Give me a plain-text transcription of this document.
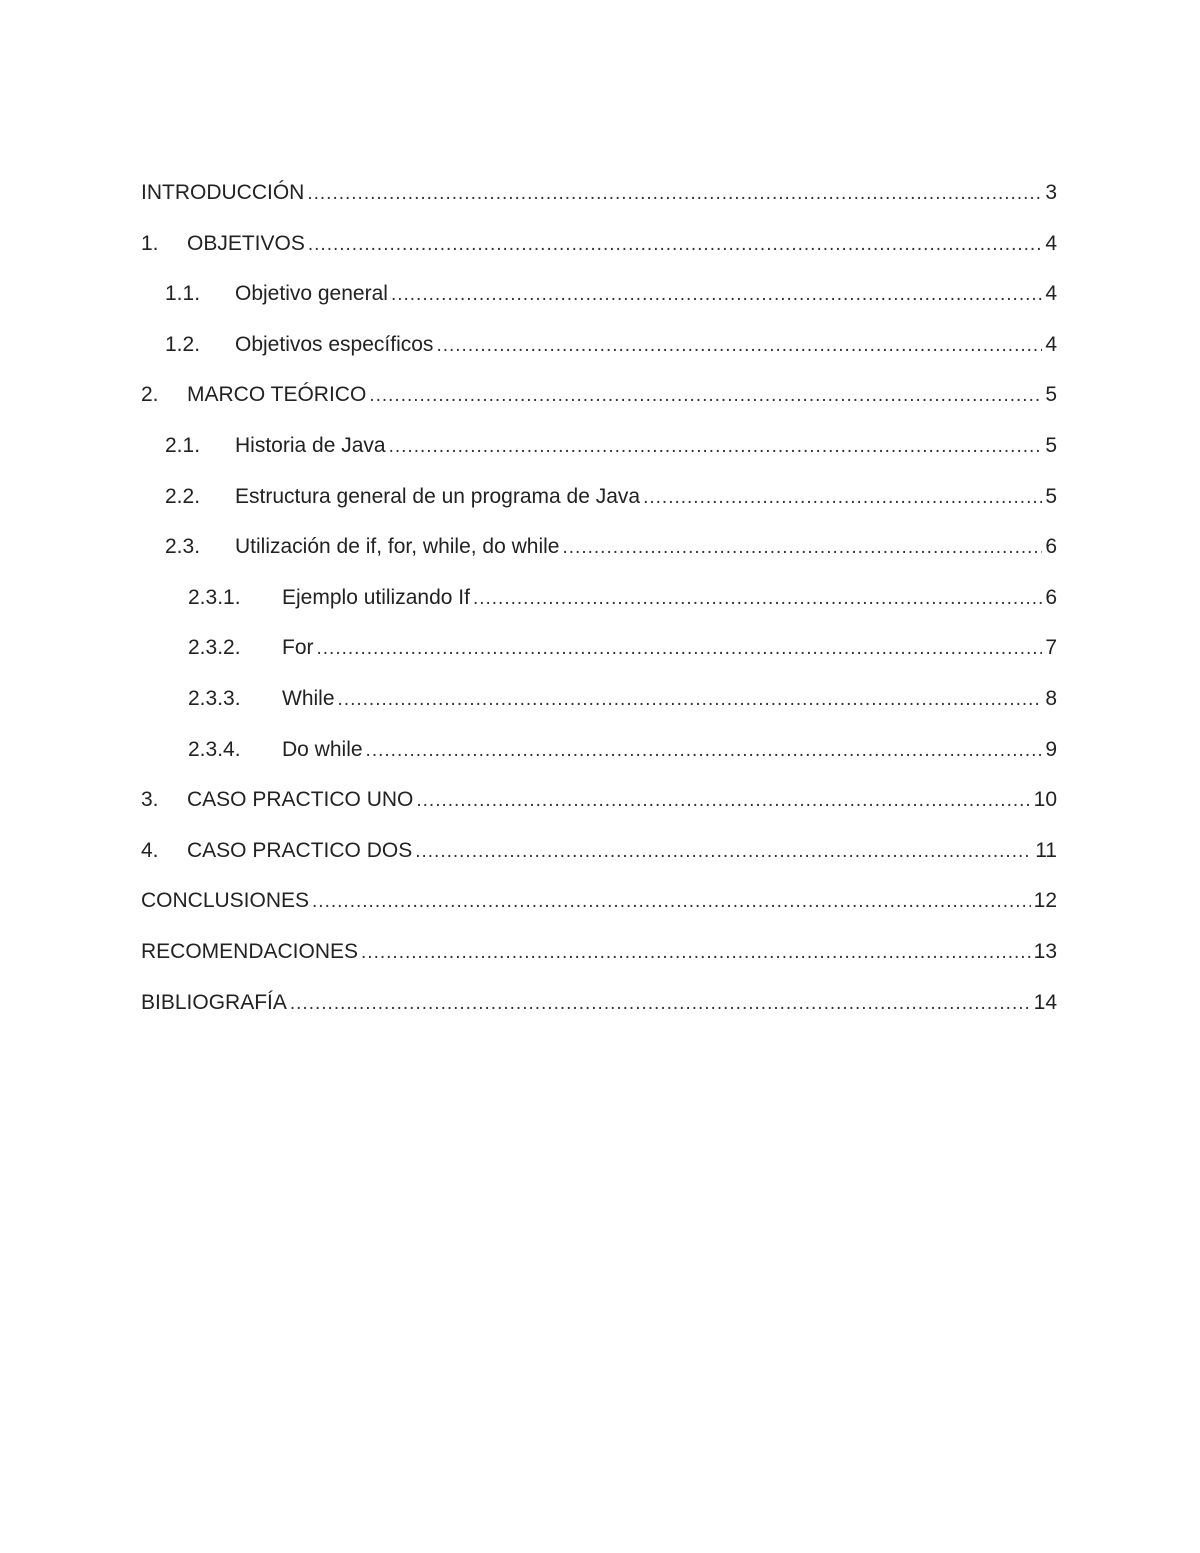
INTRODUCCIÓN .....	3
1.	OBJETIVOS .....	4
1.1.	Objetivo general .....	4
1.2.	Objetivos específicos .....	4
2.	MARCO TEÓRICO .....	5
2.1.	Historia de Java .....	5
2.2.	Estructura general de un programa de Java .....	5
2.3.	Utilización de if, for, while, do while .....	6
2.3.1.	Ejemplo utilizando If .....	6
2.3.2.	For .....	7
2.3.3.	While .....	8
2.3.4.	Do while .....	9
3.	CASO PRACTICO UNO .....	10
4.	CASO PRACTICO DOS .....	11
CONCLUSIONES .....	12
RECOMENDACIONES .....	13
BIBLIOGRAFÍA .....	14
